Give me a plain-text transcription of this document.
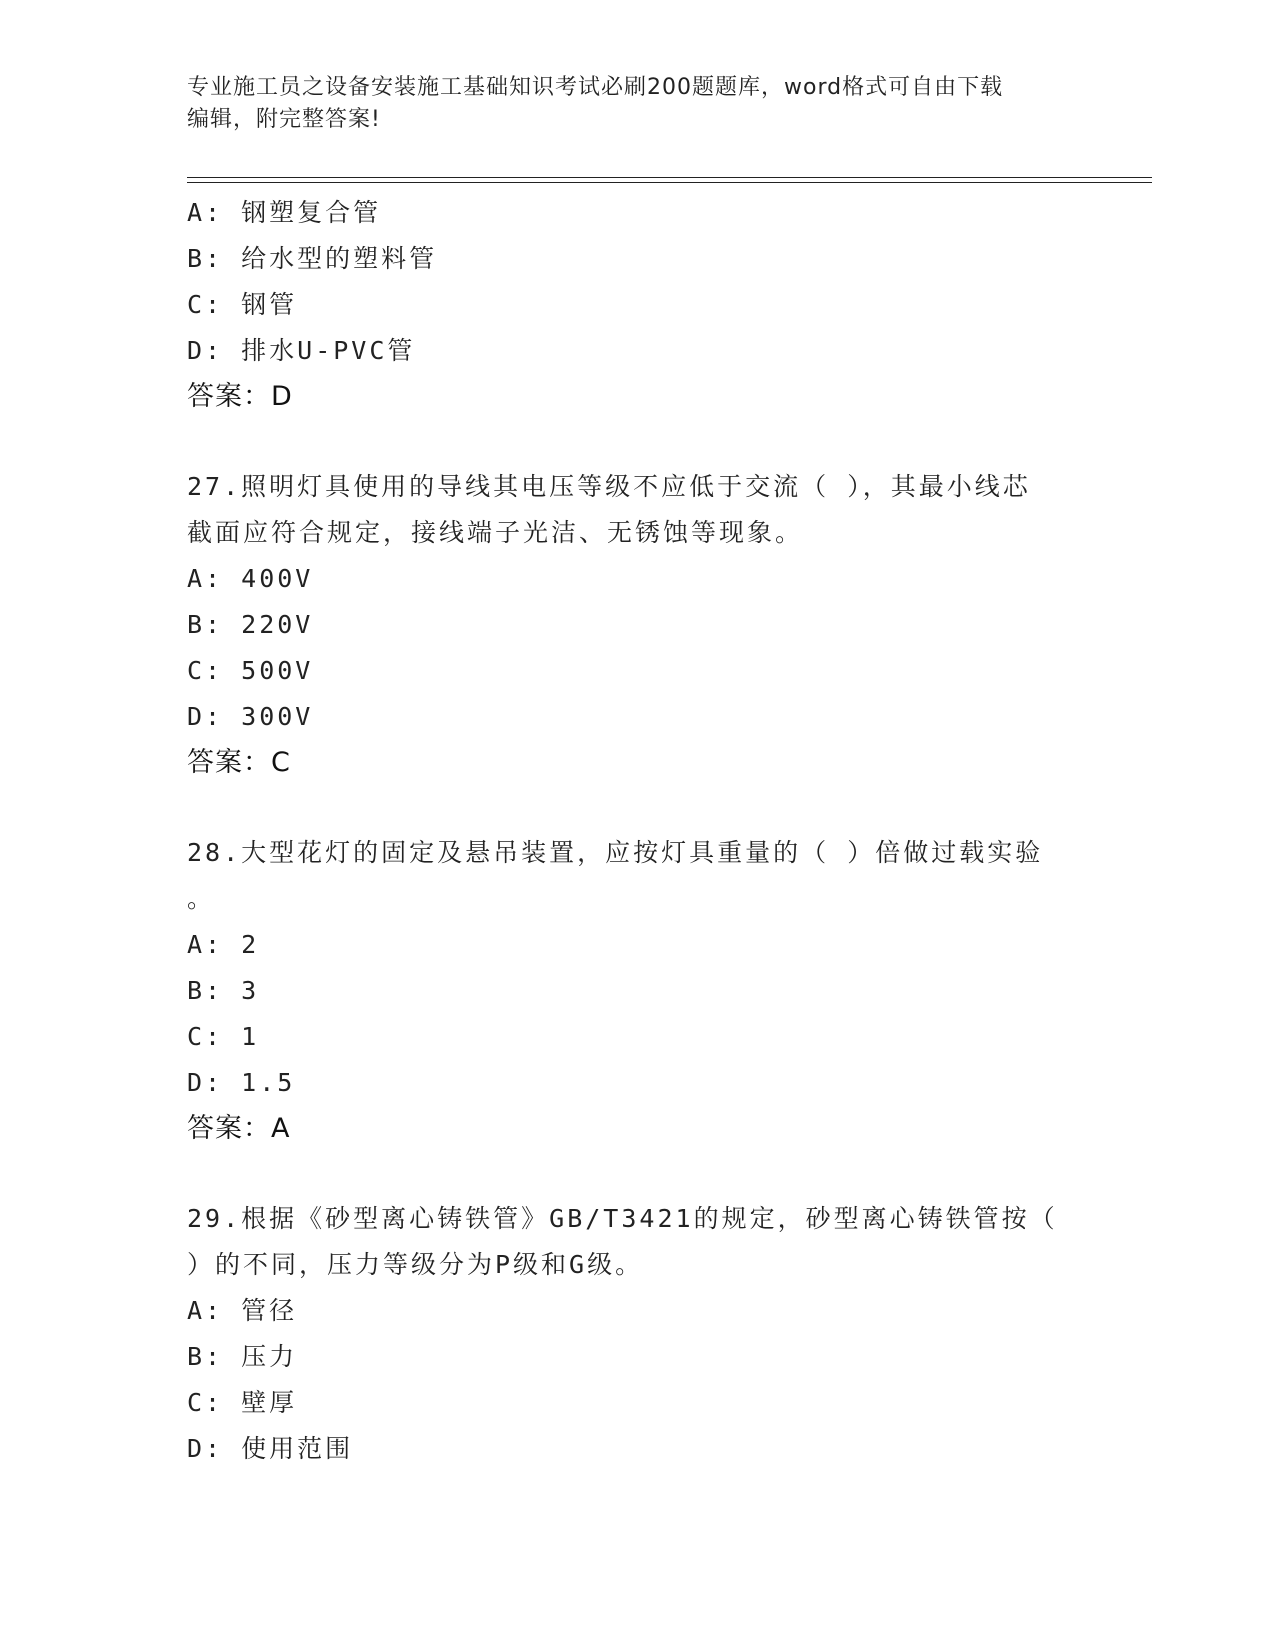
专业施工员之设备安装施工基础知识考试必刷200题题库，word格式可自由下载
编辑，附完整答案!
A: 钢塑复合管
B: 给水型的塑料管
C: 钢管
D: 排水U-PVC管
答案：D
27.照明灯具使用的导线其电压等级不应低于交流（ ），其最小线芯
截面应符合规定，接线端子光洁、无锈蚀等现象。
A: 400V
B: 220V
C: 500V
D: 300V
答案：C
28.大型花灯的固定及悬吊装置，应按灯具重量的（ ）倍做过载实验
。
A: 2
B: 3
C: 1
D: 1.5
答案：A
29.根据《砂型离心铸铁管》GB/T3421的规定，砂型离心铸铁管按（
）的不同，压力等级分为P级和G级。
A: 管径
B: 压力
C: 壁厚
D: 使用范围
